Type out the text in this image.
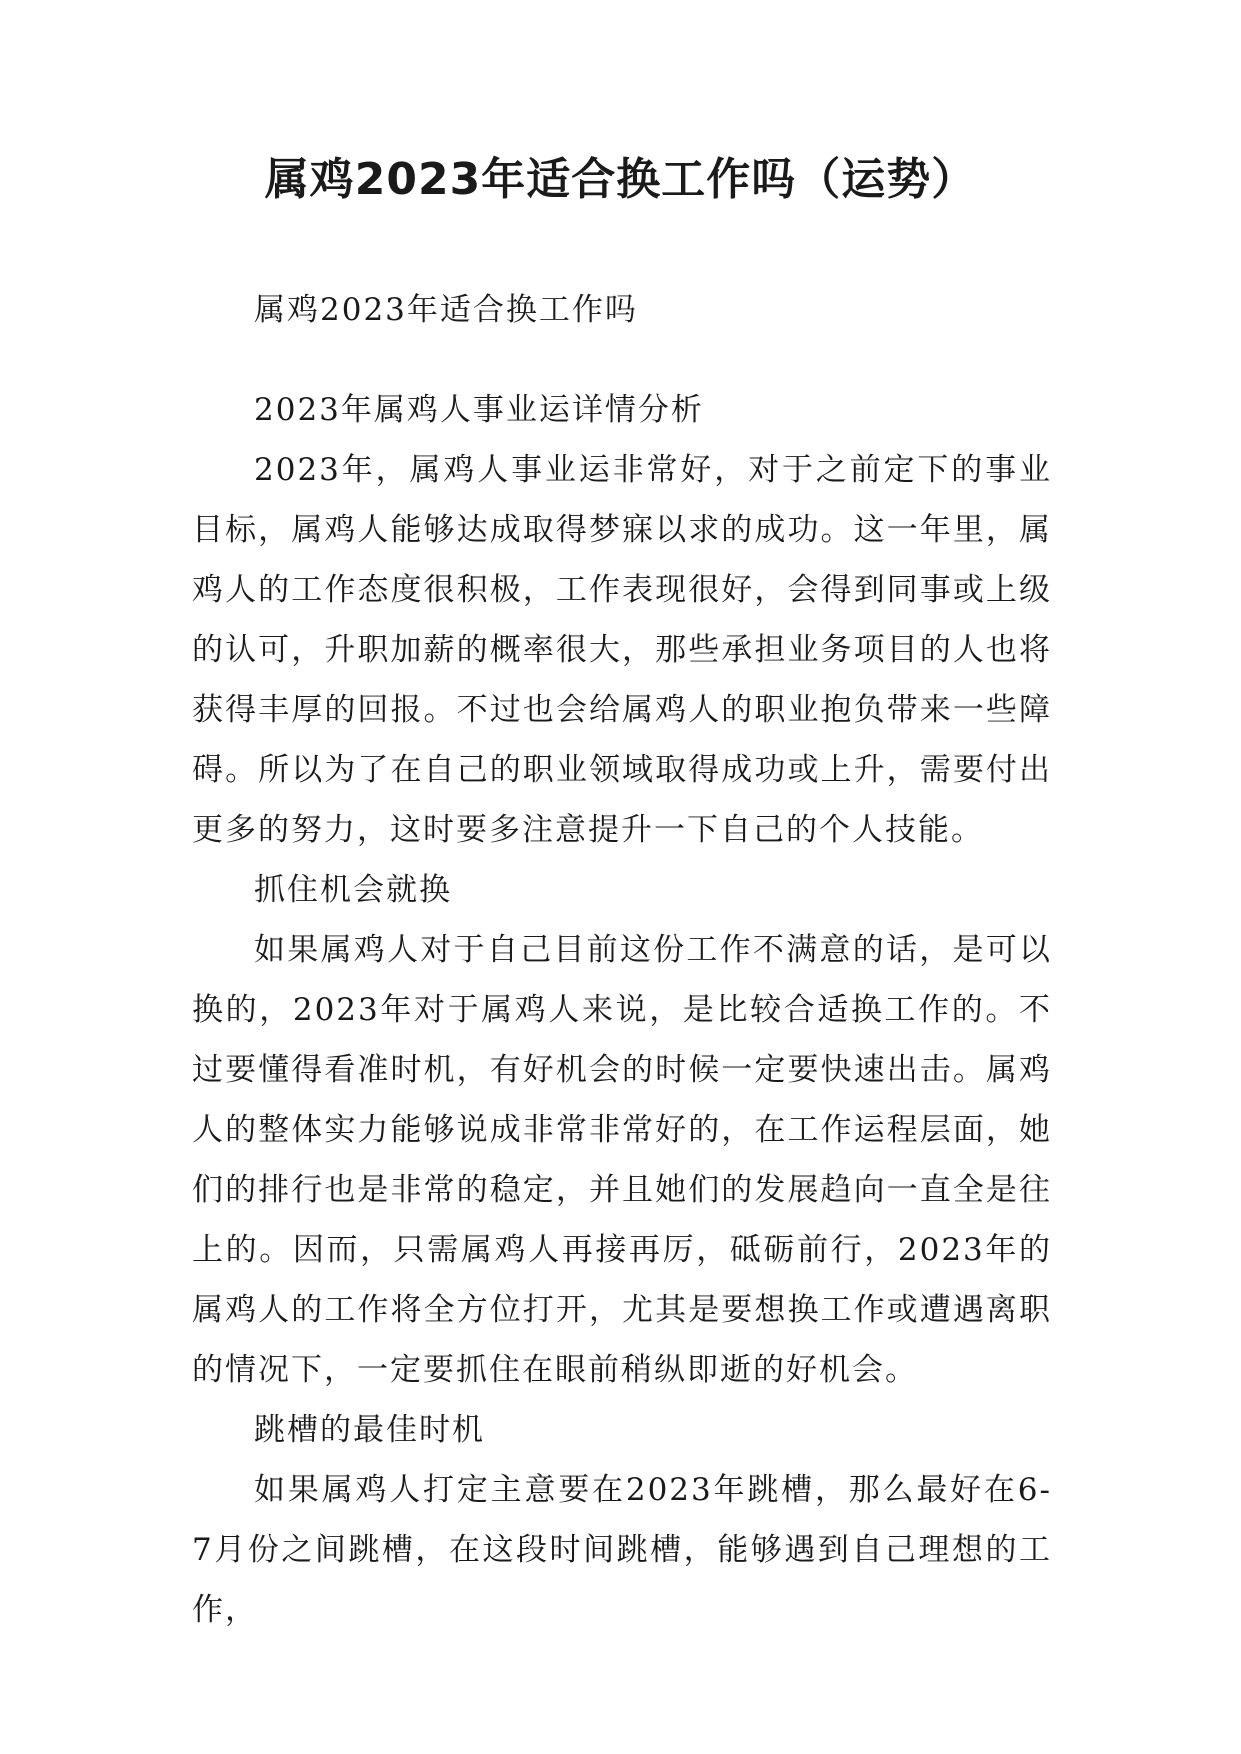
属鸡2023年适合换工作吗（运势）

属鸡2023年适合换工作吗

2023年属鸡人事业运详情分析

2023年，属鸡人事业运非常好，对于之前定下的事业目标，属鸡人能够达成取得梦寐以求的成功。这一年里，属鸡人的工作态度很积极，工作表现很好，会得到同事或上级的认可，升职加薪的概率很大，那些承担业务项目的人也将获得丰厚的回报。不过也会给属鸡人的职业抱负带来一些障碍。所以为了在自己的职业领域取得成功或上升，需要付出更多的努力，这时要多注意提升一下自己的个人技能。

抓住机会就换

如果属鸡人对于自己目前这份工作不满意的话，是可以换的，2023年对于属鸡人来说，是比较合适换工作的。不过要懂得看准时机，有好机会的时候一定要快速出击。属鸡人的整体实力能够说成非常非常好的，在工作运程层面，她们的排行也是非常的稳定，并且她们的发展趋向一直全是往上的。因而，只需属鸡人再接再厉，砥砺前行，2023年的属鸡人的工作将全方位打开，尤其是要想换工作或遭遇离职的情况下，一定要抓住在眼前稍纵即逝的好机会。

跳槽的最佳时机

如果属鸡人打定主意要在2023年跳槽，那么最好在6-7月份之间跳槽，在这段时间跳槽，能够遇到自己理想的工作，
